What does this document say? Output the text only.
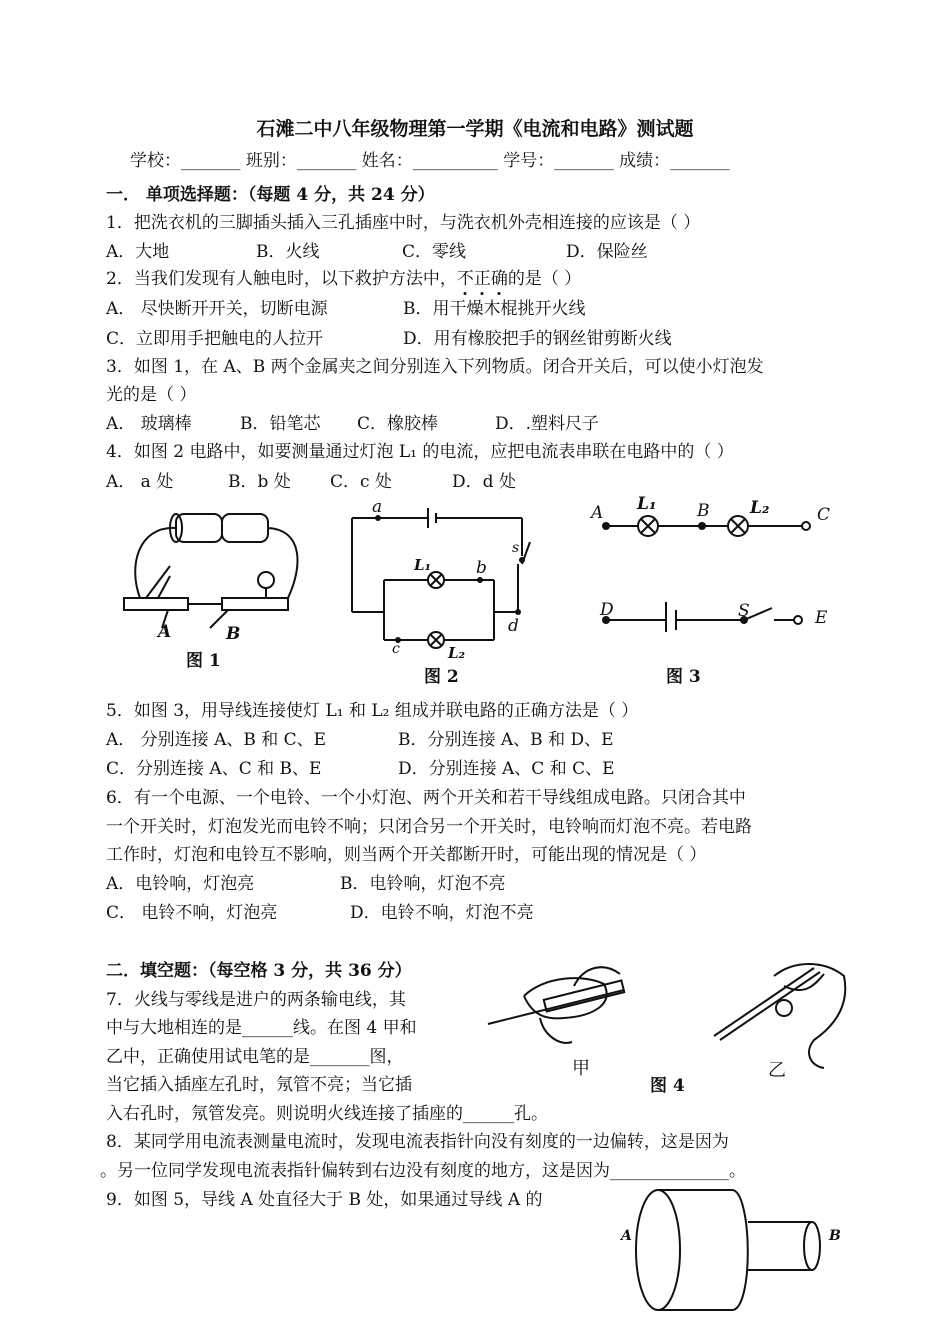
石滩二中八年级物理第一学期《电流和电路》测试题
学校：_______ 班别：_______ 姓名：__________ 学号：_______ 成绩：_______
一． 单项选择题：（每题 4 分，共 24 分）
1．把洗衣机的三脚插头插入三孔插座中时，与洗衣机外壳相连接的应该是（ ）
A．大地	B．火线	C．零线	D．保险丝
2．当我们发现有人触电时，以下救护方法中，不正确的是（ ）
A． 尽快断开开关，切断电源	B．用干燥木棍挑开火线
C．立即用手把触电的人拉开	D．用有橡胶把手的钢丝钳剪断火线
3．如图 1，在 A、B 两个金属夹之间分别连入下列物质。闭合开关后，可以使小灯泡发
光的是（ ）
A． 玻璃棒	B．铅笔芯 C．橡胶棒	D．.塑料尺子
4．如图 2 电路中，如要测量通过灯泡 L₁ 的电流，应把电流表串联在电路中的（ ）
A． a 处	B．b 处 C．c 处	D．d 处
A	B
图 1
a
b
c
d
s
L₁
L₂
图 2
A L₁ B L₂	C
D	S	E
图 3
5．如图 3，用导线连接使灯 L₁ 和 L₂ 组成并联电路的正确方法是（ ）
A． 分别连接 A、B 和 C、E	B．分别连接 A、B 和 D、E
C．分别连接 A、C 和 B、E	D．分别连接 A、C 和 C、E
6．有一个电源、一个电铃、一个小灯泡、两个开关和若干导线组成电路。只闭合其中
一个开关时，灯泡发光而电铃不响；只闭合另一个开关时，电铃响而灯泡不亮。若电路
工作时，灯泡和电铃互不影响，则当两个开关都断开时，可能出现的情况是（ ）
A．电铃响，灯泡亮	B．电铃响，灯泡不亮
C． 电铃不响，灯泡亮	D．电铃不响，灯泡不亮
二．填空题：（每空格 3 分，共 36 分）
7．火线与零线是进户的两条输电线，其
中与大地相连的是______线。在图 4 甲和
乙中，正确使用试电笔的是_______图，
当它插入插座左孔时，氖管不亮；当它插
入右孔时，氖管发亮。则说明火线连接了插座的______孔。
甲
图 4
乙
8．某同学用电流表测量电流时，发现电流表指针向没有刻度的一边偏转，这是因为
。另一位同学发现电流表指针偏转到右边没有刻度的地方，这是因为______________。
9．如图 5，导线 A 处直径大于 B 处，如果通过导线 A 的
A	B
